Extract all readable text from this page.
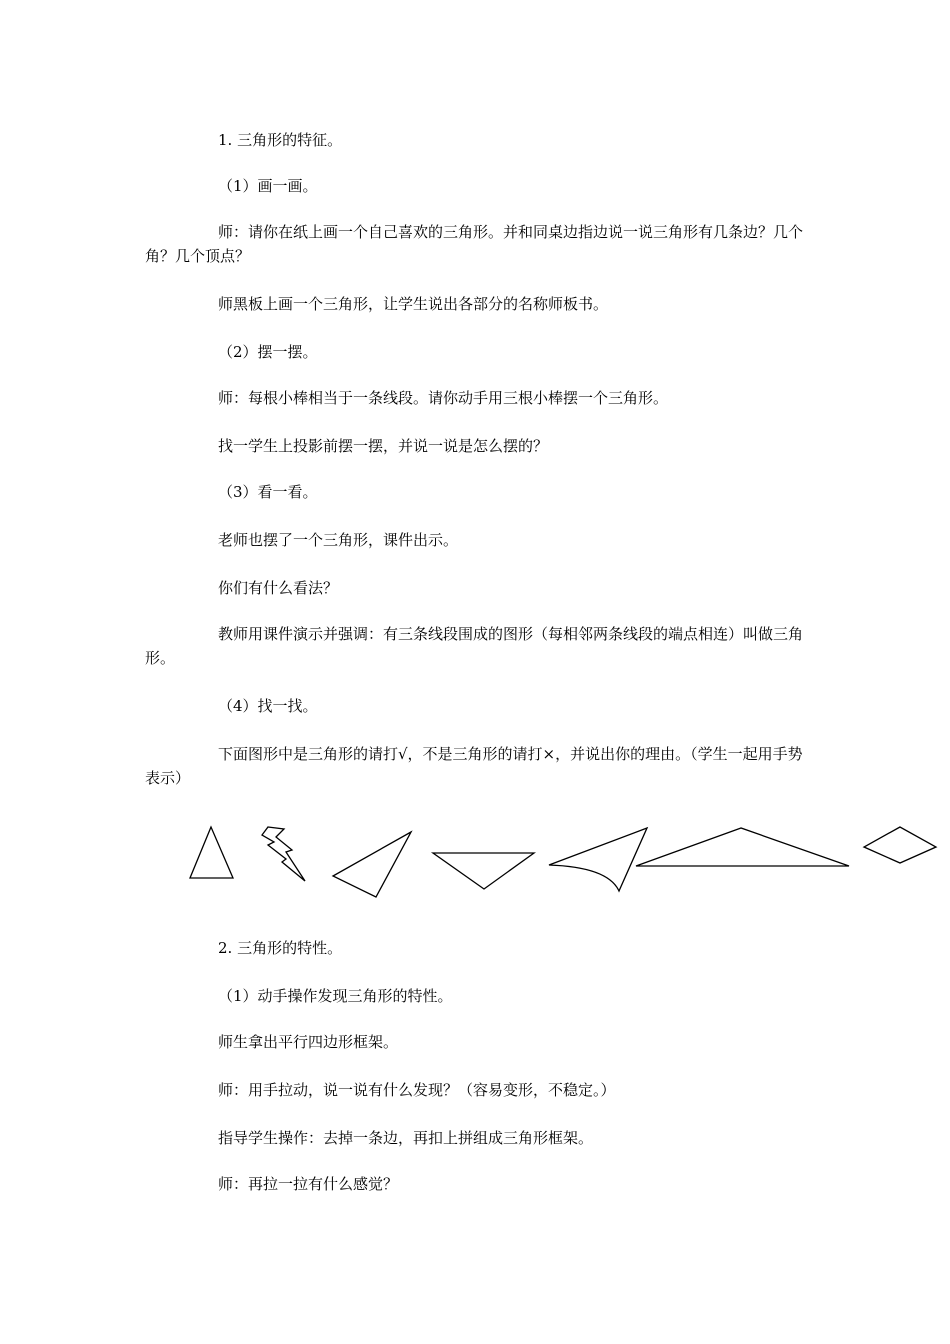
1. 三角形的特征。

（1）画一画。

师：请你在纸上画一个自己喜欢的三角形。并和同桌边指边说一说三角形有几条边？几个角？几个顶点？

师黑板上画一个三角形，让学生说出各部分的名称师板书。

（2）摆一摆。

师：每根小棒相当于一条线段。请你动手用三根小棒摆一个三角形。

找一学生上投影前摆一摆，并说一说是怎么摆的？

（3）看一看。

老师也摆了一个三角形，课件出示。

你们有什么看法？

教师用课件演示并强调：有三条线段围成的图形（每相邻两条线段的端点相连）叫做三角形。

（4）找一找。

下面图形中是三角形的请打√，不是三角形的请打×，并说出你的理由。（学生一起用手势表示）

2. 三角形的特性。

（1）动手操作发现三角形的特性。

师生拿出平行四边形框架。

师：用手拉动，说一说有什么发现？（容易变形，不稳定。）

指导学生操作：去掉一条边，再扣上拼组成三角形框架。

师：再拉一拉有什么感觉？
